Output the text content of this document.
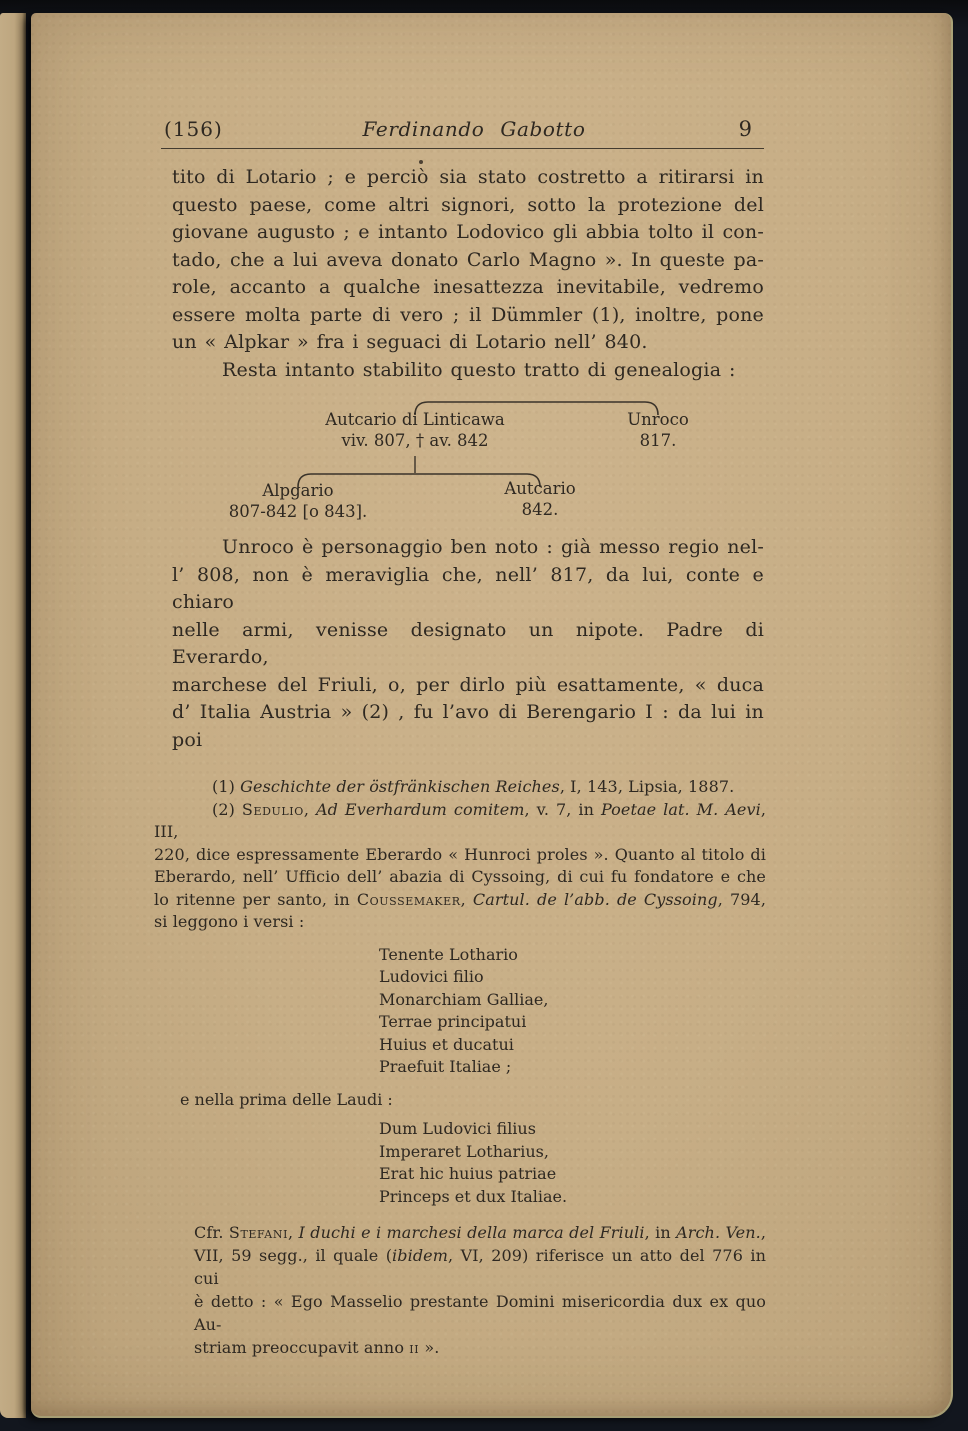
(156)	Ferdinando Gabotto	9
tito di Lotario ; e perciò sia stato costretto a ritirarsi in
questo paese, come altri signori, sotto la protezione del
giovane augusto ; e intanto Lodovico gli abbia tolto il con-
tado, che a lui aveva donato Carlo Magno ». In queste pa-
role, accanto a qualche inesattezza inevitabile, vedremo
essere molta parte di vero ; il Dümmler (1), inoltre, pone
un « Alpkar » fra i seguaci di Lotario nell’ 840.
Resta intanto stabilito questo tratto di genealogia :
Autcario di Linticawa
viv. 807, † av. 842
Unroco
817.
Alpgario
807-842 [o 843].
Autcario
842.
Unroco è personaggio ben noto : già messo regio nel-
l’ 808, non è meraviglia che, nell’ 817, da lui, conte e chiaro
nelle armi, venisse designato un nipote. Padre di Everardo,
marchese del Friuli, o, per dirlo più esattamente, « duca
d’ Italia Austria » (2) , fu l’avo di Berengario I : da lui in poi
(1) Geschichte der östfränkischen Reiches, I, 143, Lipsia, 1887.
(2) Sedulio, Ad Everhardum comitem, v. 7, in Poetae lat. M. Aevi, III,
220, dice espressamente Eberardo « Hunroci proles ». Quanto al titolo di
Eberardo, nell’ Ufficio dell’ abazia di Cyssoing, di cui fu fondatore e che
lo ritenne per santo, in Coussemaker, Cartul. de l’abb. de Cyssoing, 794,
si leggono i versi :
Tenente Lothario
Ludovici filio
Monarchiam Galliae,
Terrae principatui
Huius et ducatui
Praefuit Italiae ;
e nella prima delle Laudi :
Dum Ludovici filius
Imperaret Lotharius,
Erat hic huius patriae
Princeps et dux Italiae.
Cfr. Stefani, I duchi e i marchesi della marca del Friuli, in Arch. Ven.,
VII, 59 segg., il quale (ibidem, VI, 209) riferisce un atto del 776 in cui
è detto : « Ego Masselio prestante Domini misericordia dux ex quo Au-
striam preoccupavit anno ii ».
